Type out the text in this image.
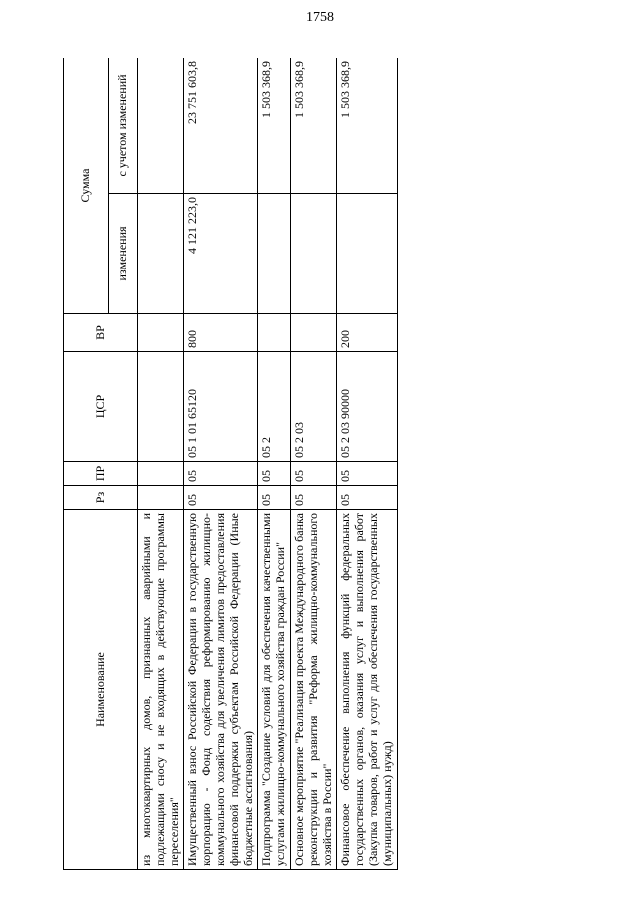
1758
Наименование	Рз	ПР	ЦСР	ВР	Сумма	
					изменения	с учетом изменений
из многоквартирных домов, признанных аварийными и подлежащими сносу и не входящих в действующие программы переселения"						
Имущественный взнос Российской Федерации в государственную корпорацию - Фонд содействия реформированию жилищно-коммунального хозяйства для увеличения лимитов предоставления финансовой поддержки субъектам Российской Федерации (Иные бюджетные ассигнования)	05	05	05 1 01 65120	800	4 121 223,0	23 751 603,8
Подпрограмма "Создание условий для обеспечения качественными услугами жилищно-коммунального хозяйства граждан России"	05	05	05 2			1 503 368,9
Основное мероприятие "Реализация проекта Международного банка реконструкции и развития "Реформа жилищно-коммунального хозяйства в России"	05	05	05 2 03			1 503 368,9
Финансовое обеспечение выполнения функций федеральных государственных органов, оказания услуг и выполнения работ (Закупка товаров, работ и услуг для обеспечения государственных (муниципальных) нужд)	05	05	05 2 03 90000	200		1 503 368,9
